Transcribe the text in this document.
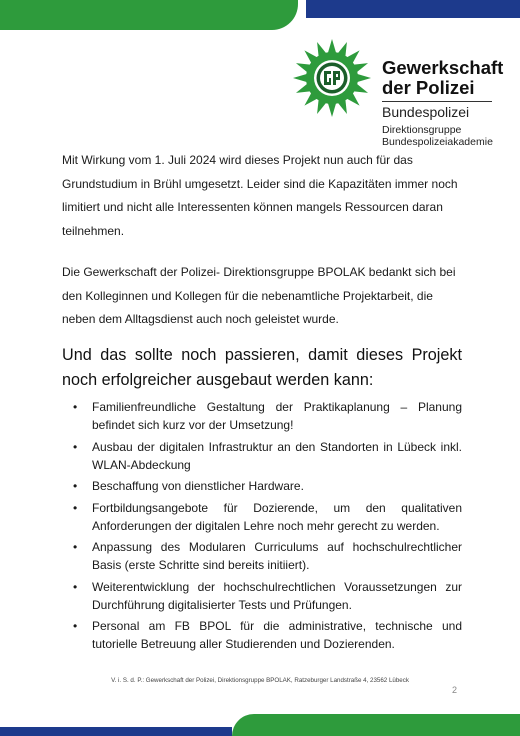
Gewerkschaft

der Polizei

Bundespolizei

Direktionsgruppe

Bundespolizeiakademie

Mit Wirkung vom 1. Juli 2024 wird dieses Projekt nun auch für das Grundstudium in Brühl umgesetzt. Leider sind die Kapazitäten immer noch limitiert und nicht alle Interessenten können mangels Ressourcen daran teilnehmen.

Die Gewerkschaft der Polizei- Direktionsgruppe BPOLAK bedankt sich bei den Kolleginnen und Kollegen für die nebenamtliche Projektarbeit, die neben dem Alltagsdienst auch noch geleistet wurde.

Und das sollte noch passieren, damit dieses Projekt noch erfolgreicher ausgebaut werden kann:

• Familienfreundliche Gestaltung der Praktikaplanung – Planung befindet sich kurz vor der Umsetzung!
• Ausbau der digitalen Infrastruktur an den Standorten in Lübeck inkl. WLAN-Abdeckung
• Beschaffung von dienstlicher Hardware.
• Fortbildungsangebote für Dozierende, um den qualitativen Anforderungen der digitalen Lehre noch mehr gerecht zu werden.
• Anpassung des Modularen Curriculums auf hochschulrechtlicher Basis (erste Schritte sind bereits initiiert).
• Weiterentwicklung der hochschulrechtlichen Voraussetzungen zur Durchführung digitalisierter Tests und Prüfungen.
• Personal am FB BPOL für die administrative, technische und tutorielle Betreuung aller Studierenden und Dozierenden.
V. i. S. d. P.: Gewerkschaft der Polizei, Direktionsgruppe BPOLAK, Ratzeburger Landstraße 4, 23562 Lübeck
2
